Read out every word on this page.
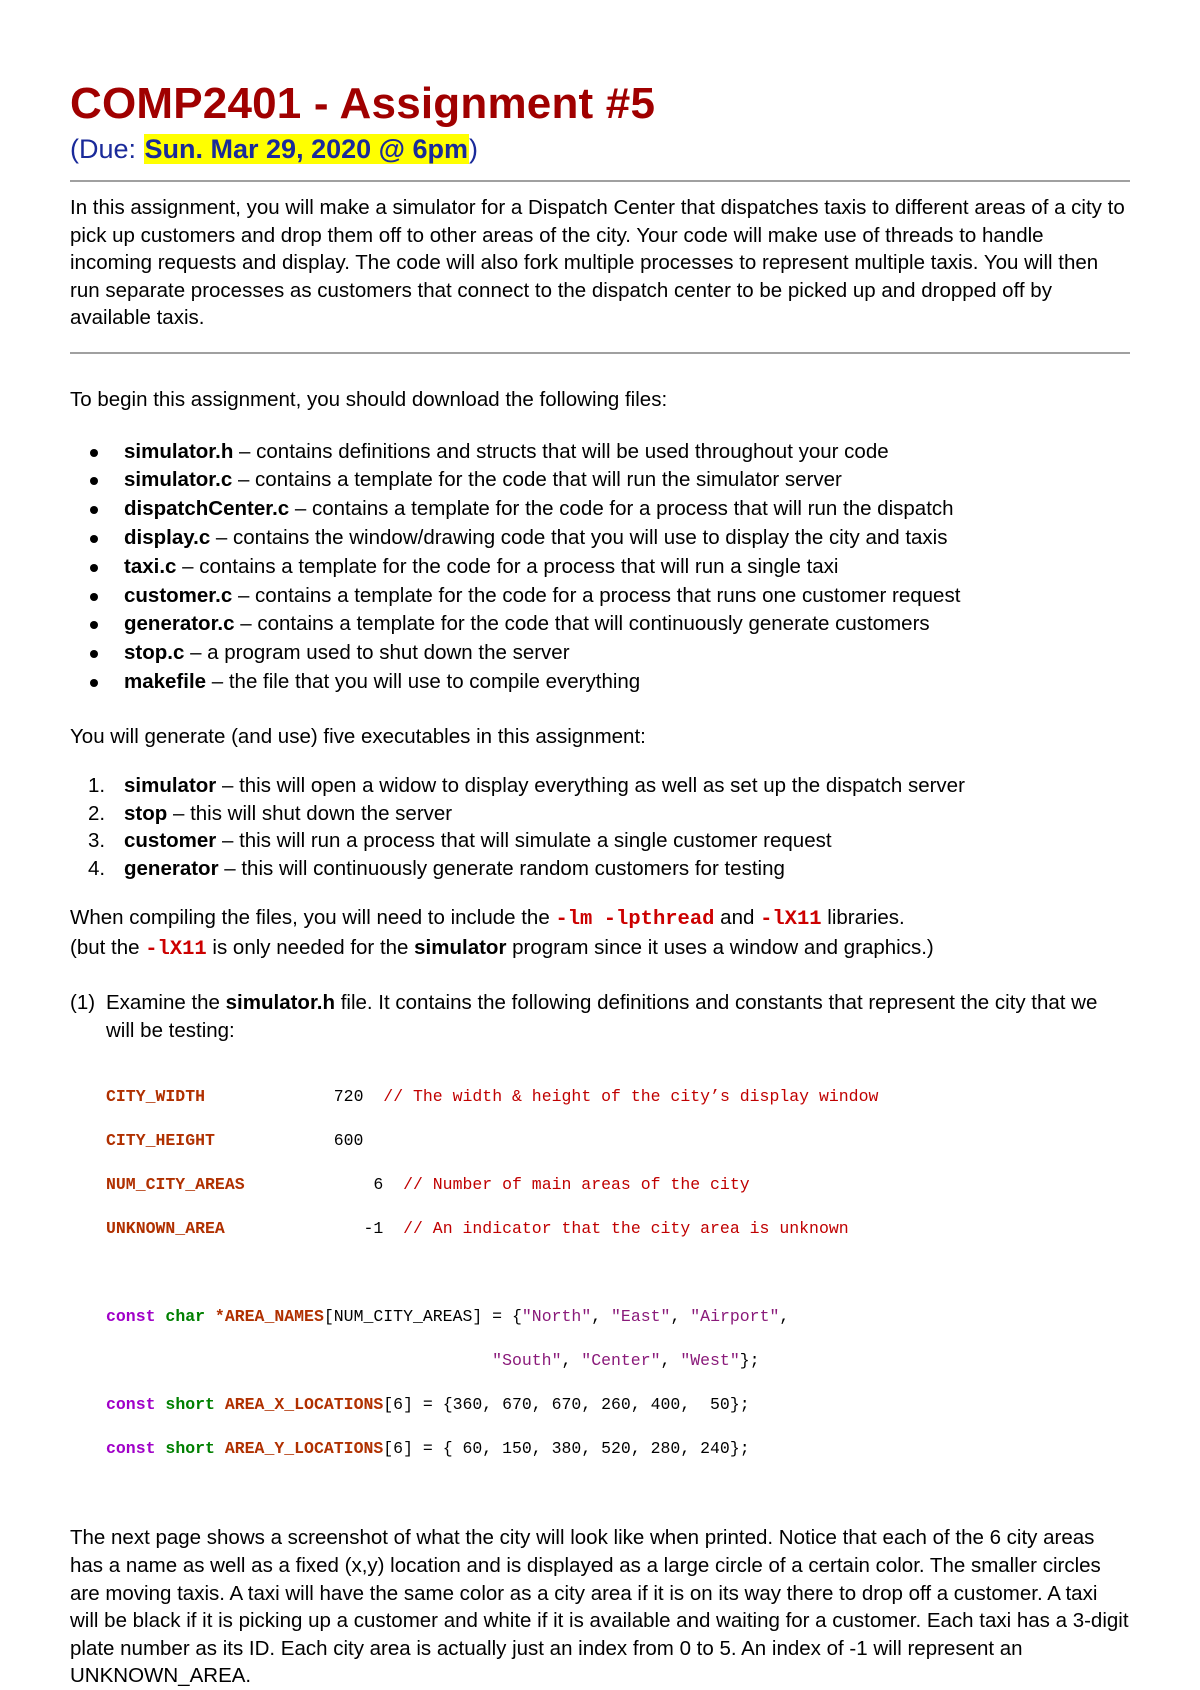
COMP2401 - Assignment #5
(Due: Sun. Mar 29, 2020 @ 6pm)

In this assignment, you will make a simulator for a Dispatch Center that dispatches taxis to different areas of a city to pick up customers and drop them off to other areas of the city. Your code will make use of threads to handle incoming requests and display. The code will also fork multiple processes to represent multiple taxis. You will then run separate processes as customers that connect to the dispatch center to be picked up and dropped off by available taxis.

To begin this assignment, you should download the following files:

simulator.h – contains definitions and structs that will be used throughout your code
simulator.c – contains a template for the code that will run the simulator server
dispatchCenter.c – contains a template for the code for a process that will run the dispatch
display.c – contains the window/drawing code that you will use to display the city and taxis
taxi.c – contains a template for the code for a process that will run a single taxi
customer.c – contains a template for the code for a process that runs one customer request
generator.c – contains a template for the code that will continuously generate customers
stop.c – a program used to shut down the server
makefile – the file that you will use to compile everything

You will generate (and use) five executables in this assignment:

1. simulator – this will open a widow to display everything as well as set up the dispatch server
2. stop – this will shut down the server
3. customer – this will run a process that will simulate a single customer request
4. generator – this will continuously generate random customers for testing

When compiling the files, you will need to include the -lm -lpthread and -lX11 libraries.

(but the -lX11 is only needed for the simulator program since it uses a window and graphics.)

(1) Examine the simulator.h file. It contains the following definitions and constants that represent the city that we will be testing:

CITY_WIDTH	720  // The width & height of the city’s display window

CITY_HEIGHT	600

NUM_CITY_AREAS	6  // Number of main areas of the city

UNKNOWN_AREA	-1  // An indicator that the city area is unknown

const char *AREA_NAMES[NUM_CITY_AREAS] = {"North", "East", "Airport",

"South", "Center", "West"};

const short AREA_X_LOCATIONS[6] = {360, 670, 670, 260, 400,  50};

const short AREA_Y_LOCATIONS[6] = { 60, 150, 380, 520, 280, 240};

The next page shows a screenshot of what the city will look like when printed. Notice that each of the 6 city areas has a name as well as a fixed (x,y) location and is displayed as a large circle of a certain color. The smaller circles are moving taxis. A taxi will have the same color as a city area if it is on its way there to drop off a customer. A taxi will be black if it is picking up a customer and white if it is available and waiting for a customer. Each taxi has a 3-digit plate number as its ID. Each city area is actually just an index from 0 to 5. An index of -1 will represent an UNKNOWN_AREA.
